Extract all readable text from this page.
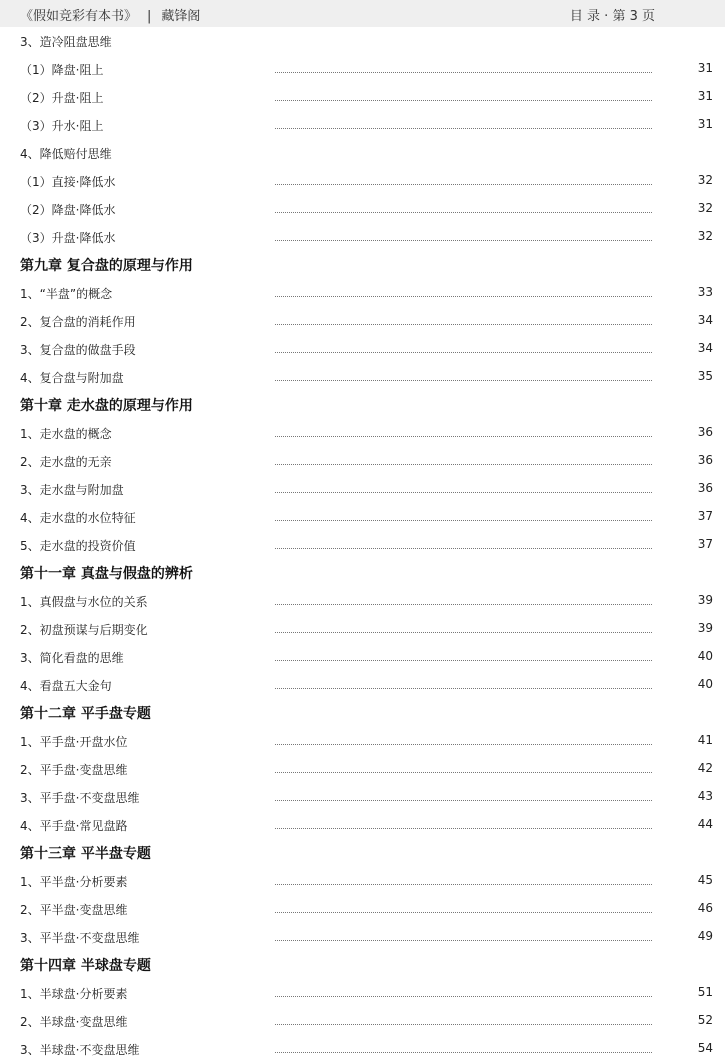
《假如竞彩有本书》 | 藏锋阁	目 录 · 第 3 页
3、造冷阻盘思维
（1）降盘·阻上	31
（2）升盘·阻上	31
（3）升水·阻上	31
4、降低赔付思维
（1）直接·降低水	32
（2）降盘·降低水	32
（3）升盘·降低水	32
第九章 复合盘的原理与作用
1、“半盘”的概念	33
2、复合盘的消耗作用	34
3、复合盘的做盘手段	34
4、复合盘与附加盘	35
第十章 走水盘的原理与作用
1、走水盘的概念	36
2、走水盘的无亲	36
3、走水盘与附加盘	36
4、走水盘的水位特征	37
5、走水盘的投资价值	37
第十一章 真盘与假盘的辨析
1、真假盘与水位的关系	39
2、初盘预谋与后期变化	39
3、简化看盘的思维	40
4、看盘五大金句	40
第十二章 平手盘专题
1、平手盘·开盘水位	41
2、平手盘·变盘思维	42
3、平手盘·不变盘思维	43
4、平手盘·常见盘路	44
第十三章 平半盘专题
1、平半盘·分析要素	45
2、平半盘·变盘思维	46
3、平半盘·不变盘思维	49
第十四章 半球盘专题
1、半球盘·分析要素	51
2、半球盘·变盘思维	52
3、半球盘·不变盘思维	54
